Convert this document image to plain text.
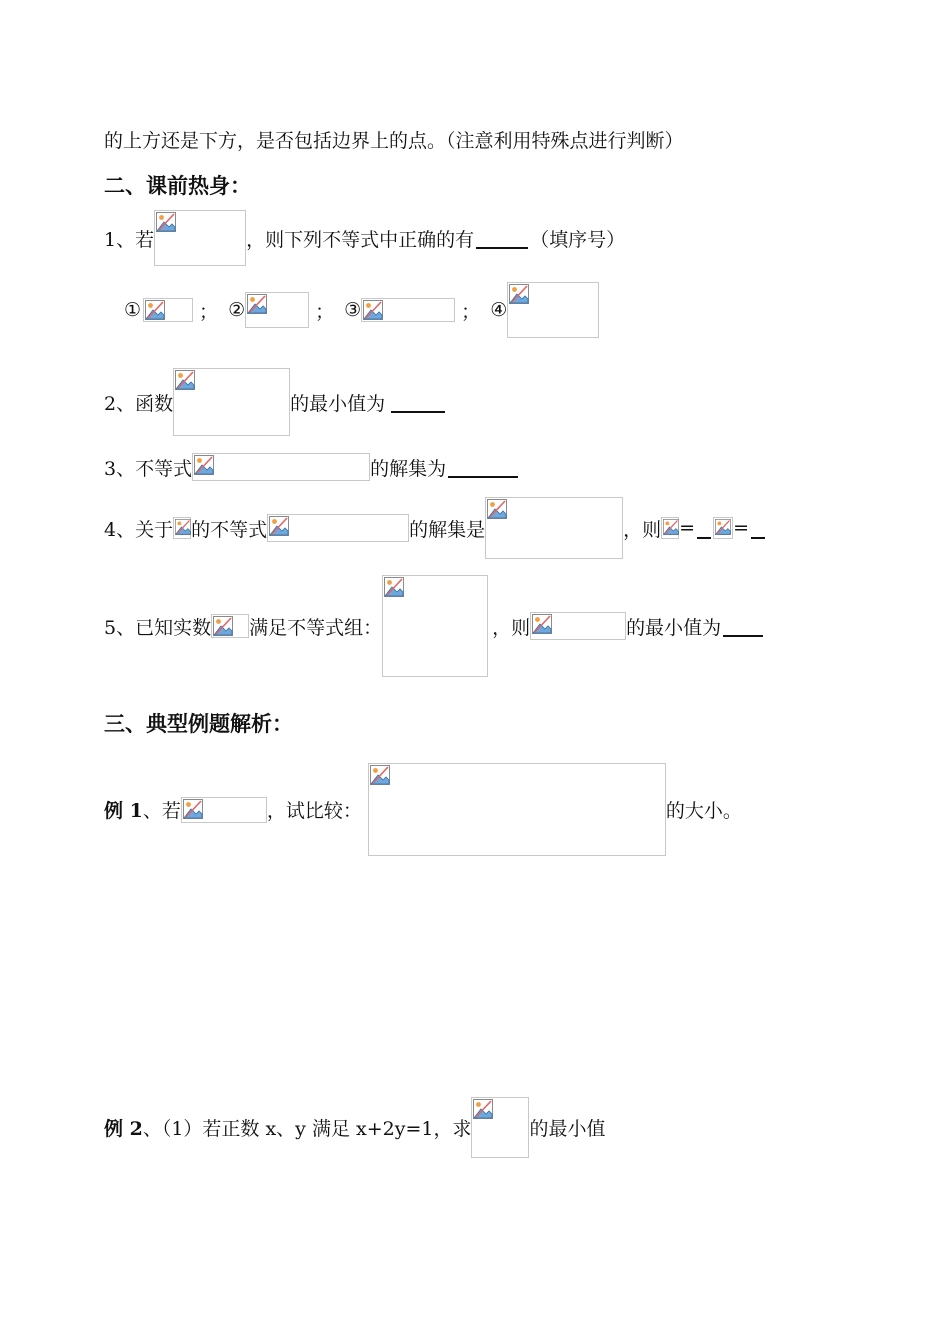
的上方还是下方，是否包括边界上的点。（注意利用特殊点进行判断）
二、课前热身：
1、若	，则下列不等式中正确的有	（填序号）
①	； ②	； ③	； ④
2、函数	的最小值为
3、不等式	的解集为
4、关于 的不等式	的解集是	，则 = =
5、已知实数 满足不等式组：	，则	的最小值为
三、典型例题解析：
例 1 、若	，试比较：	的大小。
例 2 、（1）若正数 x、y 满足 x+2y=1，求	的最小值
